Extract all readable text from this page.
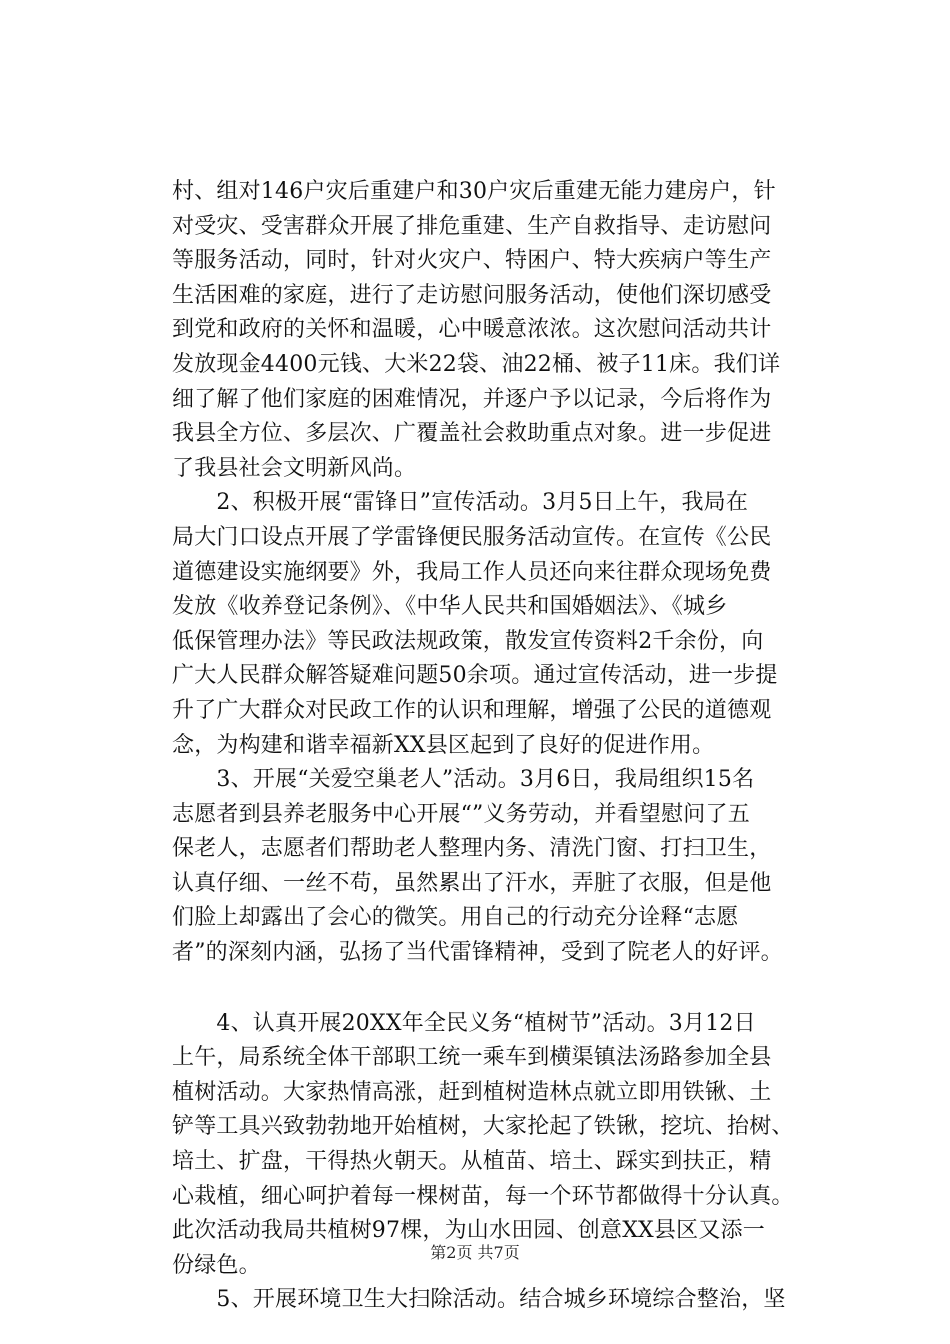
村、组对146户灾后重建户和30户灾后重建无能力建房户，针
对受灾、受害群众开展了排危重建、生产自救指导、走访慰问
等服务活动，同时，针对火灾户、特困户、特大疾病户等生产
生活困难的家庭，进行了走访慰问服务活动，使他们深切感受
到党和政府的关怀和温暖，心中暖意浓浓。这次慰问活动共计
发放现金4400元钱、大米22袋、油22桶、被子11床。我们详
细了解了他们家庭的困难情况，并逐户予以记录，今后将作为
我县全方位、多层次、广覆盖社会救助重点对象。进一步促进
了我县社会文明新风尚。
　　2、积极开展“雷锋日”宣传活动。3月5日上午，我局在
局大门口设点开展了学雷锋便民服务活动宣传。在宣传《公民
道德建设实施纲要》外，我局工作人员还向来往群众现场免费
发放《收养登记条例》、《中华人民共和国婚姻法》、《城乡
低保管理办法》等民政法规政策，散发宣传资料2千余份，向
广大人民群众解答疑难问题50余项。通过宣传活动，进一步提
升了广大群众对民政工作的认识和理解，增强了公民的道德观
念，为构建和谐幸福新XX县区起到了良好的促进作用。
　　3、开展“关爱空巢老人”活动。3月6日，我局组织15名
志愿者到县养老服务中心开展“”义务劳动，并看望慰问了五
保老人，志愿者们帮助老人整理内务、清洗门窗、打扫卫生，
认真仔细、一丝不苟，虽然累出了汗水，弄脏了衣服，但是他
们脸上却露出了会心的微笑。用自己的行动充分诠释“志愿
者”的深刻内涵，弘扬了当代雷锋精神，受到了院老人的好评。
　　4、认真开展20XX年全民义务“植树节”活动。3月12日
上午，局系统全体干部职工统一乘车到横渠镇法汤路参加全县
植树活动。大家热情高涨，赶到植树造林点就立即用铁锹、土
铲等工具兴致勃勃地开始植树，大家抡起了铁锹，挖坑、抬树、
培土、扩盘，干得热火朝天。从植苗、培土、踩实到扶正，精
心栽植，细心呵护着每一棵树苗，每一个环节都做得十分认真。
此次活动我局共植树97棵，为山水田园、创意XX县区又添一
份绿色。
　　5、开展环境卫生大扫除活动。结合城乡环境综合整治，坚
第2页 共7页
